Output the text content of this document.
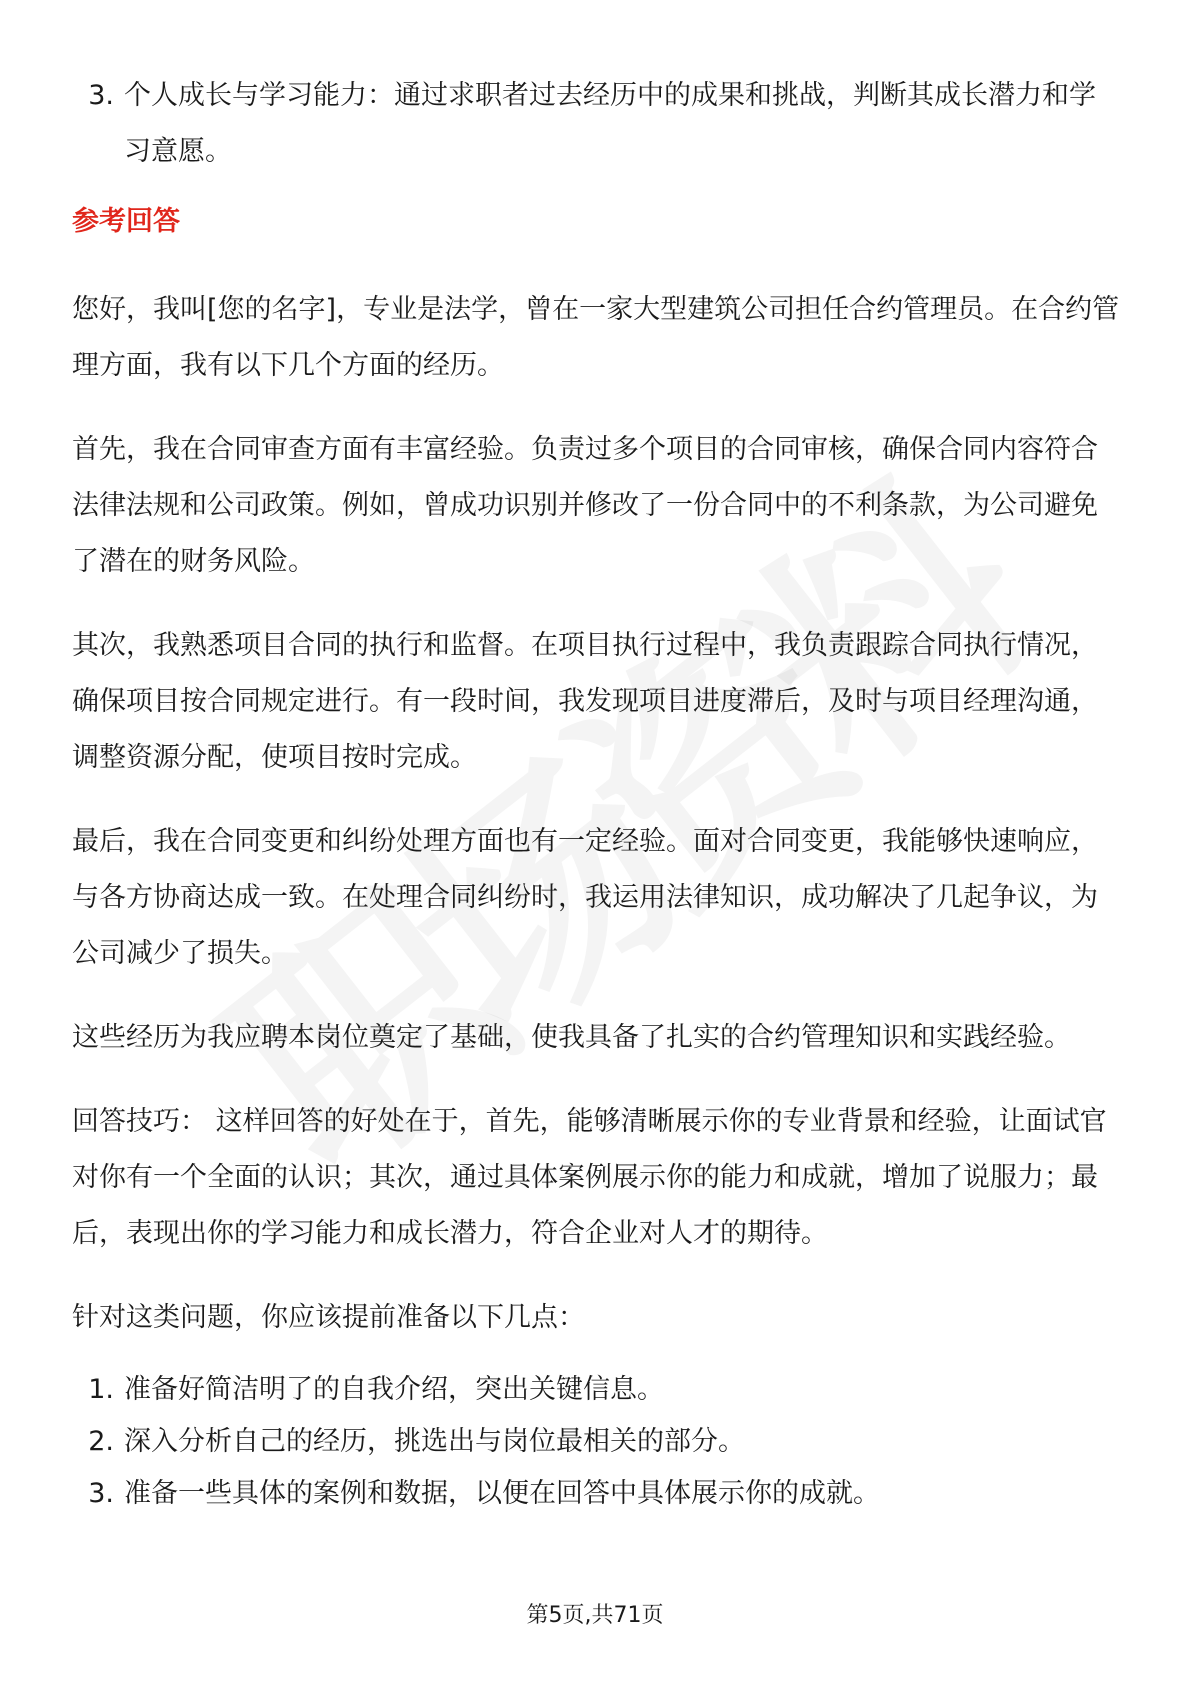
3. 个人成长与学习能力：通过求职者过去经历中的成果和挑战，判断其成长潜力和学习意愿。
参考回答

您好，我叫[您的名字]，专业是法学，曾在一家大型建筑公司担任合约管理员。在合约管理方面，我有以下几个方面的经历。

首先，我在合同审查方面有丰富经验。负责过多个项目的合同审核，确保合同内容符合法律法规和公司政策。例如，曾成功识别并修改了一份合同中的不利条款，为公司避免了潜在的财务风险。

其次，我熟悉项目合同的执行和监督。在项目执行过程中，我负责跟踪合同执行情况，确保项目按合同规定进行。有一段时间，我发现项目进度滞后，及时与项目经理沟通，调整资源分配，使项目按时完成。

最后，我在合同变更和纠纷处理方面也有一定经验。面对合同变更，我能够快速响应，与各方协商达成一致。在处理合同纠纷时，我运用法律知识，成功解决了几起争议，为公司减少了损失。

这些经历为我应聘本岗位奠定了基础，使我具备了扎实的合约管理知识和实践经验。

回答技巧： 这样回答的好处在于，首先，能够清晰展示你的专业背景和经验，让面试官对你有一个全面的认识；其次，通过具体案例展示你的能力和成就，增加了说服力；最后，表现出你的学习能力和成长潜力，符合企业对人才的期待。

针对这类问题，你应该提前准备以下几点：

1. 准备好简洁明了的自我介绍，突出关键信息。
2. 深入分析自己的经历，挑选出与岗位最相关的部分。
3. 准备一些具体的案例和数据，以便在回答中具体展示你的成就。
第5页,共71页
